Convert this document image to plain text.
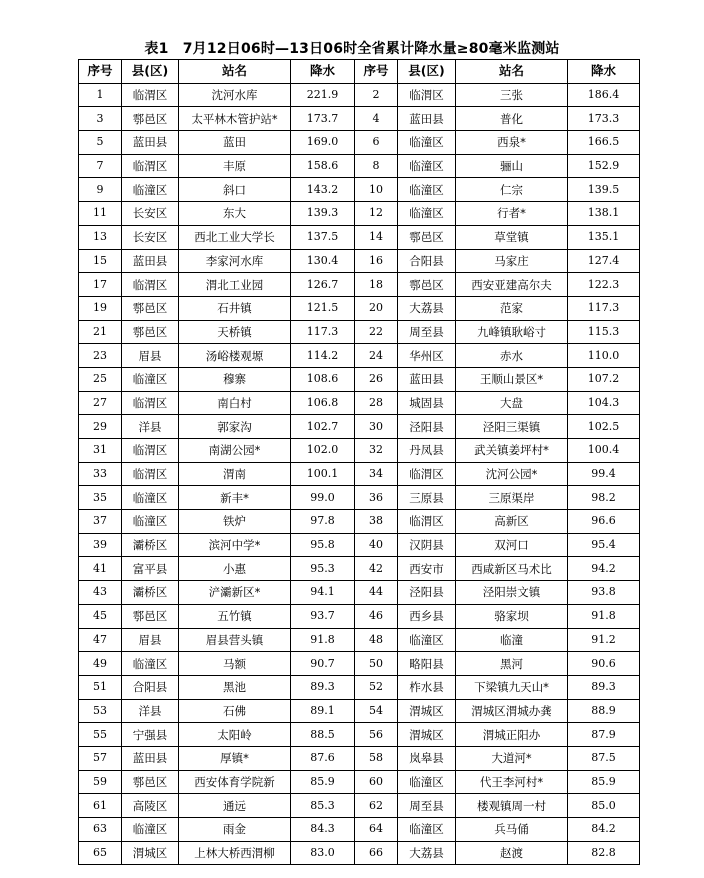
表1　7月12日06时—13日06时全省累计降水量≥80毫米监测站
序号	县(区)	站名	降水	序号	县(区)	站名	降水
1	临渭区	沈河水库	221.9	2	临渭区	三张	186.4
3	鄠邑区	太平林木管护站*	173.7	4	蓝田县	普化	173.3
5	蓝田县	蓝田	169.0	6	临潼区	西泉*	166.5
7	临渭区	丰原	158.6	8	临潼区	骊山	152.9
9	临潼区	斜口	143.2	10	临潼区	仁宗	139.5
11	长安区	东大	139.3	12	临潼区	行者*	138.1
13	长安区	西北工业大学长	137.5	14	鄠邑区	草堂镇	135.1
15	蓝田县	李家河水库	130.4	16	合阳县	马家庄	127.4
17	临渭区	渭北工业园	126.7	18	鄠邑区	西安亚建高尔夫	122.3
19	鄠邑区	石井镇	121.5	20	大荔县	范家	117.3
21	鄠邑区	天桥镇	117.3	22	周至县	九峰镇耿峪寸	115.3
23	眉县	汤峪楼观塬	114.2	24	华州区	赤水	110.0
25	临潼区	穆寨	108.6	26	蓝田县	王顺山景区*	107.2
27	临渭区	南白村	106.8	28	城固县	大盘	104.3
29	洋县	郭家沟	102.7	30	泾阳县	泾阳三渠镇	102.5
31	临渭区	南湖公园*	102.0	32	丹凤县	武关镇姜坪村*	100.4
33	临渭区	渭南	100.1	34	临渭区	沈河公园*	99.4
35	临潼区	新丰*	99.0	36	三原县	三原渠岸	98.2
37	临潼区	铁炉	97.8	38	临渭区	高新区	96.6
39	灞桥区	滨河中学*	95.8	40	汉阴县	双河口	95.4
41	富平县	小惠	95.3	42	西安市	西咸新区马术比	94.2
43	灞桥区	浐灞新区*	94.1	44	泾阳县	泾阳崇文镇	93.8
45	鄠邑区	五竹镇	93.7	46	西乡县	骆家坝	91.8
47	眉县	眉县营头镇	91.8	48	临潼区	临潼	91.2
49	临潼区	马额	90.7	50	略阳县	黑河	90.6
51	合阳县	黑池	89.3	52	柞水县	下梁镇九天山*	89.3
53	洋县	石佛	89.1	54	渭城区	渭城区渭城办龚	88.9
55	宁强县	太阳岭	88.5	56	渭城区	渭城正阳办	87.9
57	蓝田县	厚镇*	87.6	58	岚皋县	大道河*	87.5
59	鄠邑区	西安体育学院新	85.9	60	临潼区	代王李河村*	85.9
61	高陵区	通远	85.3	62	周至县	楼观镇周一村	85.0
63	临潼区	雨金	84.3	64	临潼区	兵马俑	84.2
65	渭城区	上林大桥西渭柳	83.0	66	大荔县	赵渡	82.8
